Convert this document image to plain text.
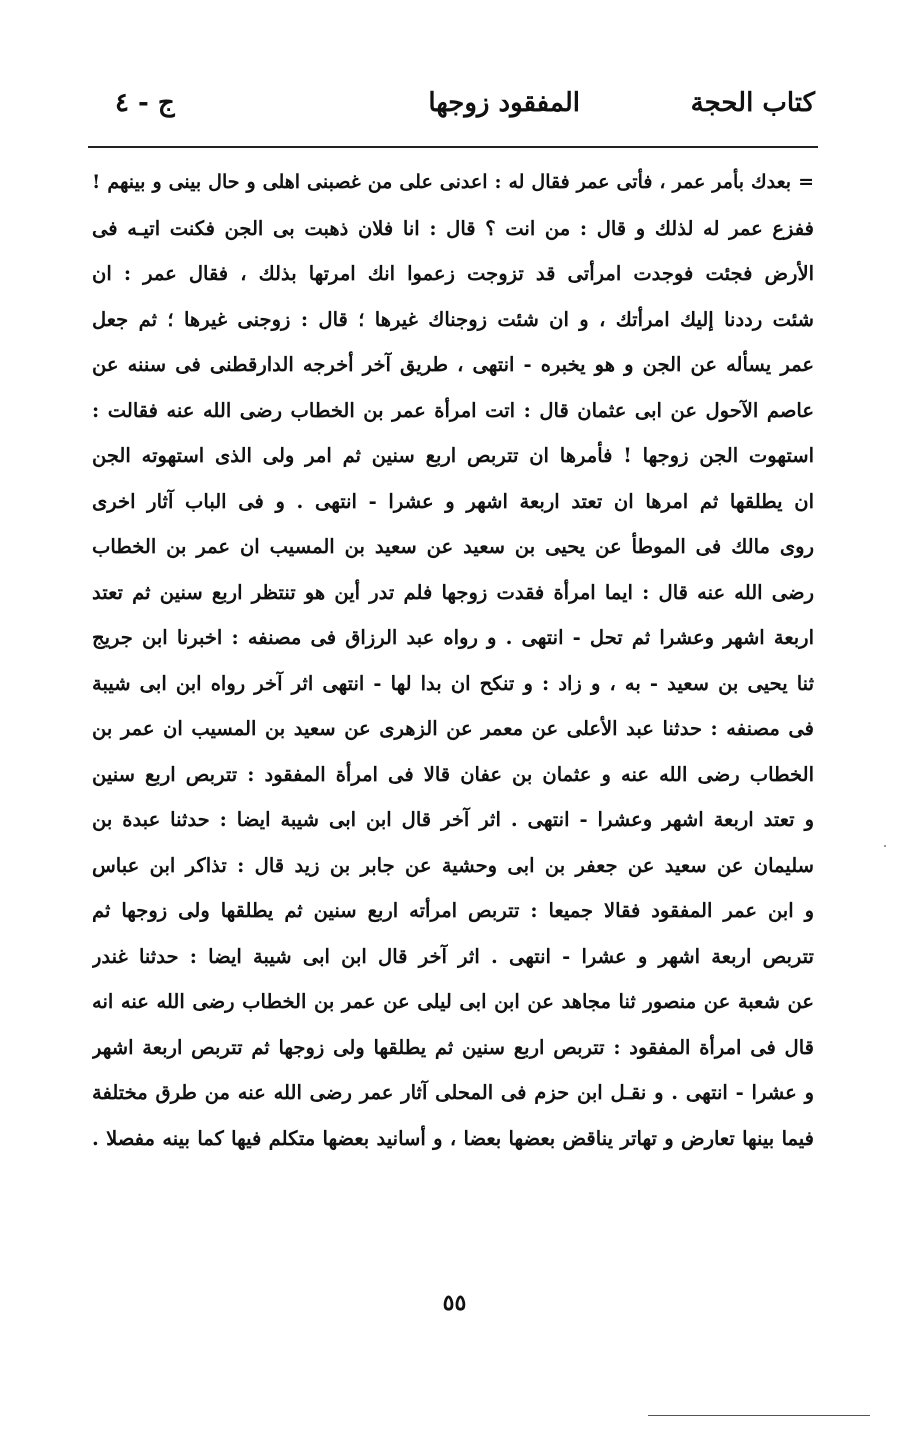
كتاب الحجة
المفقود زوجها
ج - ٤
= بعدك بأمر عمر ، فأتى عمر فقال له : اعدنى على من غصبنى اهلى و حال بينى و بينهم !
ففزع عمر له لذلك و قال : من انت ؟ قال : انا فلان ذهبت بى الجن فكنت اتيـه فى
الأرض فجئت فوجدت امرأتى قد تزوجت زعموا انك امرتها بذلك ، فقال عمر : ان
شئت رددنا إليك امرأتك ، و ان شئت زوجناك غيرها ؛ قال : زوجنى غيرها ؛ ثم جعل
عمر يسأله عن الجن و هو يخبره - انتهى ، طريق آخر أخرجه الدارقطنى فى سننه عن
عاصم الآحول عن ابى عثمان قال : اتت امرأة عمر بن الخطاب رضى الله عنه فقالت :
استهوت الجن زوجها ! فأمرها ان تتربص اربع سنين ثم امر ولى الذى استهوته الجن
ان يطلقها ثم امرها ان تعتد اربعة اشهر و عشرا - انتهى . و فى الباب آثار اخرى
روى مالك فى الموطأ عن يحيى بن سعيد عن سعيد بن المسيب ان عمر بن الخطاب
رضى الله عنه قال : ايما امرأة فقدت زوجها فلم تدر أين هو تنتظر اربع سنين ثم تعتد
اربعة اشهر وعشرا ثم تحل - انتهى . و رواه عبد الرزاق فى مصنفه : اخبرنا ابن جريج
ثنا يحيى بن سعيد - به ، و زاد : و تنكح ان بدا لها - انتهى اثر آخر رواه ابن ابى شيبة
فى مصنفه : حدثنا عبد الأعلى عن معمر عن الزهرى عن سعيد بن المسيب ان عمر بن
الخطاب رضى الله عنه و عثمان بن عفان قالا فى امرأة المفقود : تتربص اربع سنين
و تعتد اربعة اشهر وعشرا - انتهى . اثر آخر قال ابن ابى شيبة ايضا : حدثنا عبدة بن
سليمان عن سعيد عن جعفر بن ابى وحشية عن جابر بن زيد قال : تذاكر ابن عباس
و ابن عمر المفقود فقالا جميعا : تتربص امرأته اربع سنين ثم يطلقها ولى زوجها ثم
تتربص اربعة اشهر و عشرا - انتهى . اثر آخر قال ابن ابى شيبة ايضا : حدثنا غندر
عن شعبة عن منصور ثنا مجاهد عن ابن ابى ليلى عن عمر بن الخطاب رضى الله عنه انه
قال فى امرأة المفقود : تتربص اربع سنين ثم يطلقها ولى زوجها ثم تتربص اربعة اشهر
و عشرا - انتهى . و نقـل ابن حزم فى المحلى آثار عمر رضى الله عنه من طرق مختلفة
فيما بينها تعارض و تهاتر يناقض بعضها بعضا ، و أسانيد بعضها متكلم فيها كما بينه مفصلا .
٥٥
